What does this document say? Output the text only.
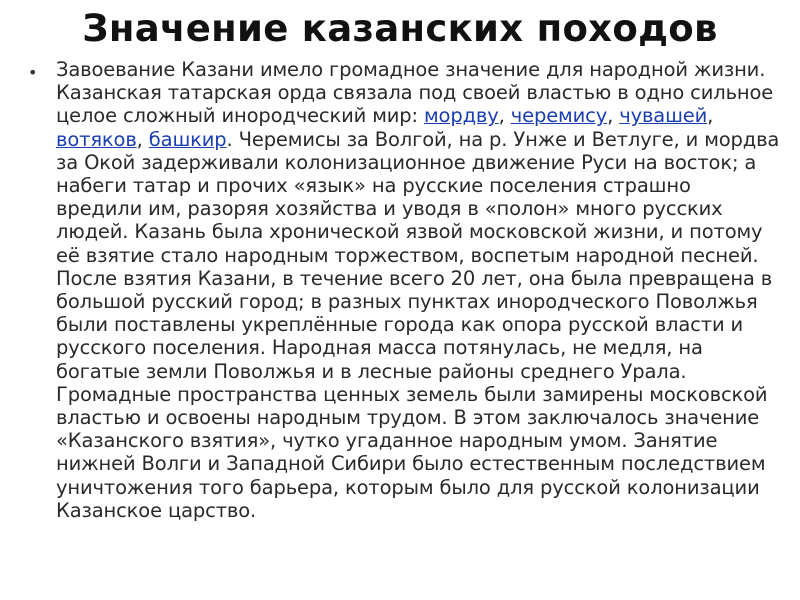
Значение казанских походов
• Завоевание Казани имело громадное значение для народной жизни. Казанская татарская орда связала под своей властью в одно сильное целое сложный инородческий мир: мордву, черемису, чувашей, вотяков, башкир. Черемисы за Волгой, на р. Унже и Ветлуге, и мордва за Окой задерживали колонизационное движение Руси на восток; а набеги татар и прочих «язык» на русские поселения страшно вредили им, разоряя хозяйства и уводя в «полон» много русских людей. Казань была хронической язвой московской жизни, и потому её взятие стало народным торжеством, воспетым народной песней. После взятия Казани, в течение всего 20 лет, она была превращена в большой русский город; в разных пунктах инородческого Поволжья были поставлены укреплённые города как опора русской власти и русского поселения. Народная масса потянулась, не медля, на богатые земли Поволжья и в лесные районы среднего Урала. Громадные пространства ценных земель были замирены московской властью и освоены народным трудом. В этом заключалось значение «Казанского взятия», чутко угаданное народным умом. Занятие нижней Волги и Западной Сибири было естественным последствием уничтожения того барьера, которым было для русской колонизации Казанское царство.
